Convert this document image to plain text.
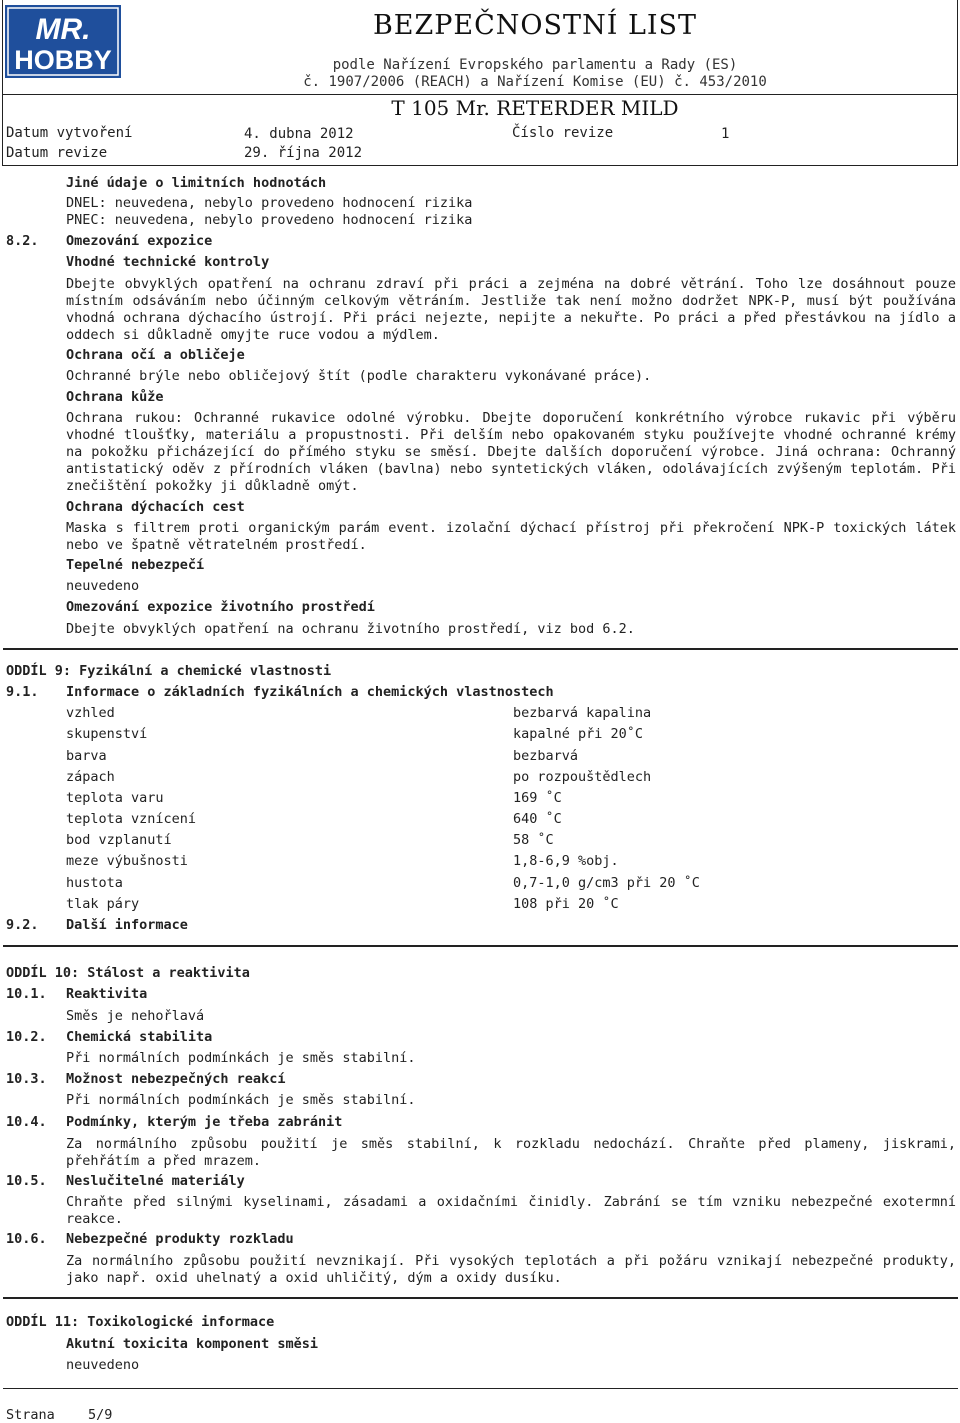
MR.
HOBBY
BEZPEČNOSTNÍ LIST
podle Nařízení Evropského parlamentu a Rady (ES)
č. 1907/2006 (REACH) a Nařízení Komise (EU) č. 453/2010
T 105 Mr. RETERDER MILD
Datum vytvoření	4. dubna 2012	Číslo revize	1
Datum revize	29. října 2012
Jiné údaje o limitních hodnotách
DNEL: neuvedena, nebylo provedeno hodnocení rizika
PNEC: neuvedena, nebylo provedeno hodnocení rizika
8.2. Omezování expozice
Vhodné technické kontroly
Dbejte obvyklých opatření na ochranu zdraví při práci a zejména na dobré větrání. Toho lze dosáhnout pouze místním odsáváním nebo účinným celkovým větráním. Jestliže tak není možno dodržet NPK-P, musí být používána vhodná ochrana dýchacího ústrojí. Při práci nejezte, nepijte a nekuřte. Po práci a před přestávkou na jídlo a oddech si důkladně omyjte ruce vodou a mýdlem.
Ochrana očí a obličeje
Ochranné brýle nebo obličejový štít (podle charakteru vykonávané práce).
Ochrana kůže
Ochrana rukou: Ochranné rukavice odolné výrobku. Dbejte doporučení konkrétního výrobce rukavic při výběru vhodné tloušťky, materiálu a propustnosti. Při delším nebo opakovaném styku používejte vhodné ochranné krémy na pokožku přicházející do přímého styku se směsí. Dbejte dalších doporučení výrobce. Jiná ochrana: Ochranný antistatický oděv z přírodních vláken (bavlna) nebo syntetických vláken, odolávajících zvýšeným teplotám. Při znečištění pokožky ji důkladně omýt.
Ochrana dýchacích cest
Maska s filtrem proti organickým parám event. izolační dýchací přístroj při překročení NPK-P toxických látek nebo ve špatně větratelném prostředí.
Tepelné nebezpečí
neuvedeno
Omezování expozice životního prostředí
Dbejte obvyklých opatření na ochranu životního prostředí, viz bod 6.2.
ODDÍL 9: Fyzikální a chemické vlastnosti
9.1. Informace o základních fyzikálních a chemických vlastnostech
vzhled	bezbarvá kapalina
skupenství	kapalné při 20˚C
barva	bezbarvá
zápach	po rozpouštědlech
teplota varu	169 ˚C
teplota vznícení	640 ˚C
bod vzplanutí	58 ˚C
meze výbušnosti	1,8-6,9 %obj.
hustota	0,7-1,0 g/cm3 při 20 ˚C
tlak páry	108 při 20 ˚C
9.2. Další informace
ODDÍL 10: Stálost a reaktivita
10.1. Reaktivita
Směs je nehořlavá
10.2. Chemická stabilita
Při normálních podmínkách je směs stabilní.
10.3. Možnost nebezpečných reakcí
Při normálních podmínkách je směs stabilní.
10.4. Podmínky, kterým je třeba zabránit
Za normálního způsobu použití je směs stabilní, k rozkladu nedochází. Chraňte před plameny, jiskrami, přehřátím a před mrazem.
10.5. Neslučitelné materiály
Chraňte před silnými kyselinami, zásadami a oxidačními činidly. Zabrání se tím vzniku nebezpečné exotermní reakce.
10.6. Nebezpečné produkty rozkladu
Za normálního způsobu použití nevznikají. Při vysokých teplotách a při požáru vznikají nebezpečné produkty, jako např. oxid uhelnatý a oxid uhličitý, dým a oxidy dusíku.
ODDÍL 11: Toxikologické informace
Akutní toxicita komponent směsi
neuvedeno
Strana 5/9
